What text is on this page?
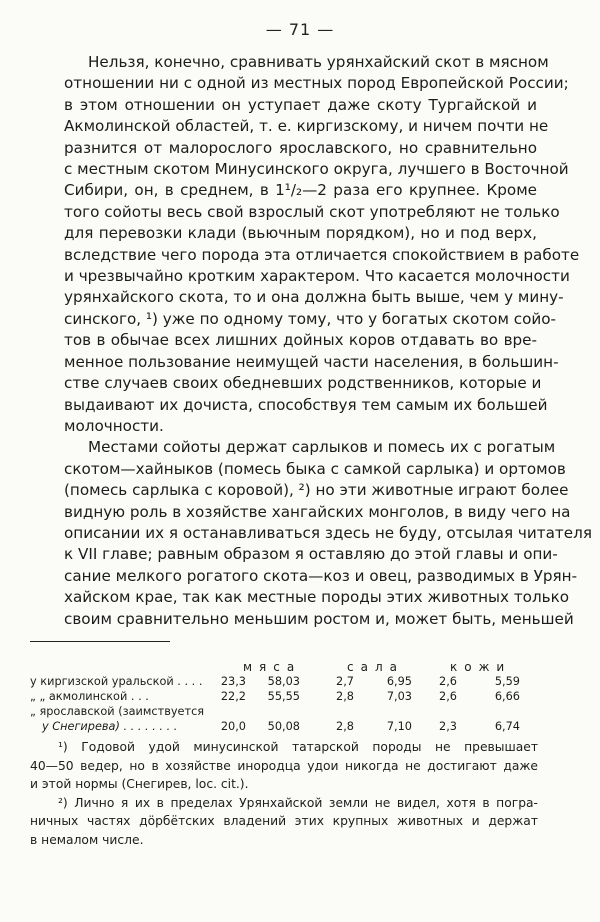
— 71 —
Нельзя, конечно, сравнивать урянхайский скот в мясном
отношении ни с одной из местных пород Европейской России;
в этом отношении он уступает даже скоту Тургайской и
Акмолинской областей, т. е. киргизскому, и ничем почти не
разнится от малорослого ярославского, но сравнительно
с местным скотом Минусинского округа, лучшего в Восточной
Сибири, он, в среднем, в 1¹/₂—2 раза его крупнее. Кроме
того сойоты весь свой взрослый скот употребляют не только
для перевозки клади (вьючным порядком), но и под верх,
вследствие чего порода эта отличается спокойствием в работе
и чрезвычайно кротким характером. Что касается молочности
урянхайского скота, то и она должна быть выше, чем у мину-
синского, ¹) уже по одному тому, что у богатых скотом сойо-
тов в обычае всех лишних дойных коров отдавать во вре-
менное пользование неимущей части населения, в большин-
стве случаев своих обедневших родственников, которые и
выдаивают их дочиста, способствуя тем самым их большей
молочности.
Местами сойоты держат сарлыков и помесь их с рогатым
скотом—хайныков (помесь быка с самкой сарлыка) и ортомов
(помесь сарлыка с коровой), ²) но эти животные играют более
видную роль в хозяйстве хангайских монголов, в виду чего на
описании их я останавливаться здесь не буду, отсылая читателя
к VII главе; равным образом я оставляю до этой главы и опи-
сание мелкого рогатого скота—коз и овец, разводимых в Урян-
хайском крае, так как местные породы этих животных только
своим сравнительно меньшим ростом и, может быть, меньшей
мяса	сала	кожи
у киргизской уральской . . . .	23,3	58,03	2,7	6,95	2,6	5,59
„ „ акмолинской . . .	22,2	55,55	2,8	7,03	2,6	6,66
„ ярославской (заимствуется
у Снегирева) . . . . . . . .	20,0	50,08	2,8	7,10	2,3	6,74
¹) Годовой удой минусинской татарской породы не превышает
40—50 ведер, но в хозяйстве инородца удои никогда не достигают даже
и этой нормы (Снегирев, loc. cit.).
²) Лично я их в пределах Урянхайской земли не видел, хотя в погра-
ничных частях дöрбётских владений этих крупных животных и держат
в немалом числе.
